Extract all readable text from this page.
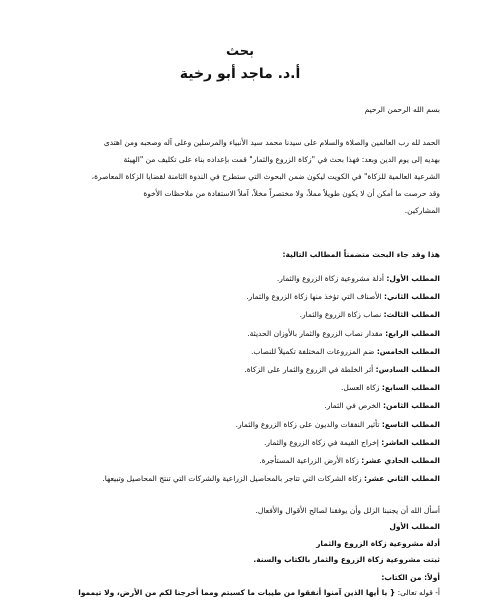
بحث
أ.د. ماجد أبو رخية
بسم الله الرحمن الرحيم

الحمد لله رب العالمين والصلاة والسلام على سيدنا محمد سيد الأنبياء والمرسلين وعلى آله وصحبه ومن اهتدى

بهديه إلى يوم الدين وبعد: فهذا بحث في "زكاة الزروع والثمار" قمت بإعداده بناء على تكليف من "الهيئة

الشرعية العالمية للزكاة" في الكويت ليكون ضمن البحوث التي ستطرح في الندوة الثامنة لقضايا الزكاة المعاصرة،

وقد حرصت ما أمكن أن لا يكون طويلاً مملاً، ولا مختصراً مخلاً، آملاً الاستفادة من ملاحظات الأخوة

المشاركين.

هذا وقد جاء البحث متضمناً المطالب التالية:
المطلب الأول: أدلة مشروعية زكاة الزروع والثمار.
المطلب الثاني: الأصناف التي تؤخذ منها زكاة الزروع والثمار.
المطلب الثالث: نصاب زكاة الزروع والثمار.
المطلب الرابع: مقدار نصاب الزروع والثمار بالأوزان الحديثة.
المطلب الخامس: ضم المزروعات المختلفة تكميلاً للنصاب.
المطلب السادس: أثر الخلطة في الزروع والثمار على الزكاة.
المطلب السابع: زكاة العسل.
المطلب الثامن: الخرص في الثمار.
المطلب التاسع: تأثير النفقات والديون على زكاة الزروع والثمار.
المطلب العاشر: إخراج القيمة في زكاة الزروع والثمار.
المطلب الحادي عشر: زكاة الأرض الزراعية المستأجرة.
المطلب الثاني عشر: زكاة الشركات التي تتاجر بالمحاصيل الزراعية والشركات التي تنتج المحاصيل وتبيعها.
أسأل الله أن يجنبنا الزلل وأن يوفقنا لصالح الأقوال والأفعال.
المطلب الأول
أدلة مشروعية زكاة الزروع والثمار
ثبتت مشروعية زكاة الزروع والثمار بالكتاب والسنة.
أولاً: من الكتاب:
أ- قوله تعالى: { يا أيها الذين آمنوا أنفقوا من طيبات ما كسبتم ومما أخرجنا لكم من الأرض، ولا تيمموا
